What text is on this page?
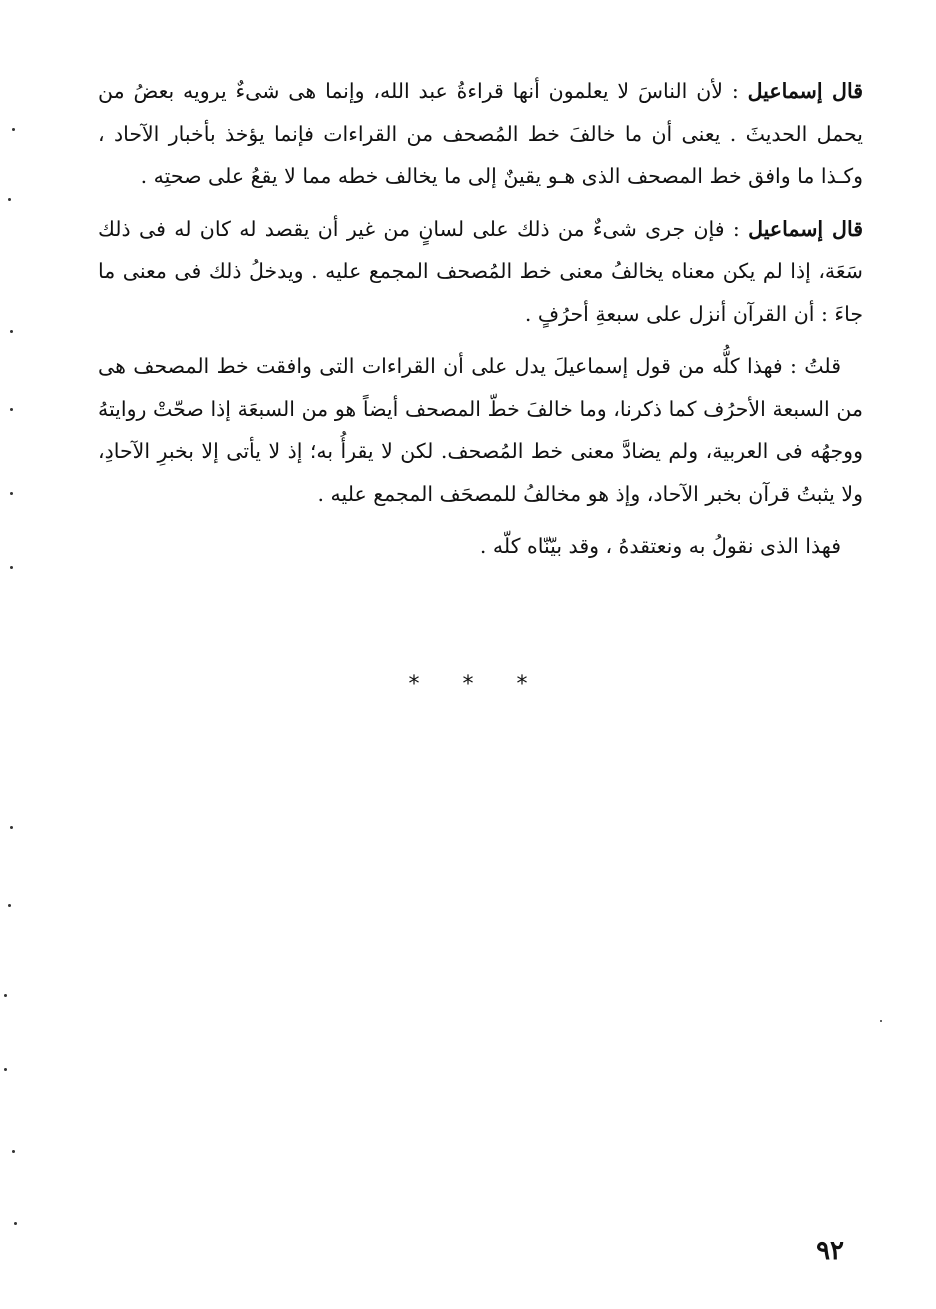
قال إسماعيل : لأن الناسَ لا يعلمون أنها قراءةُ عبد الله، وإنما هى شىءٌ يرويه بعضُ من يحمل الحديثَ . يعنى أن ما خالفَ خط المُصحف من القراءات فإنما يؤخذ بأخبار الآحاد ، وكـذا ما وافق خط المصحف الذى هـو يقينٌ إلى ما يخالف خطه مما لا يقعُ على صحتِه .

قال إسماعيل : فإن جرى شىءٌ من ذلك على لسانٍ من غير أن يقصد له كان له فى ذلك سَعَة، إذا لم يكن معناه يخالفُ معنى خط المُصحف المجمع عليه . ويدخلُ ذلك فى معنى ما جاءَ : أن القرآن أنزل على سبعةِ أحرُفٍ .

قلتُ : فهذا كلُّه من قول إسماعيلَ يدل على أن القراءات التى وافقت خط المصحف هى من السبعة الأحرُف كما ذكرنا، وما خالفَ خطّ المصحف أيضاً هو من السبعَة إذا صحّتْ روايتهُ ووجهُه فى العربية، ولم يضادَّ معنى خط المُصحف. لكن لا يقرأُ به؛ إذ لا يأتى إلا بخبرِ الآحادِ، ولا يثبتُ قرآن بخبر الآحاد، وإذ هو مخالفُ للمصحَف المجمع عليه .

فهذا الذى نقولُ به ونعتقدهُ ، وقد بيّنّاه كلّه .

* * *
٩٢
